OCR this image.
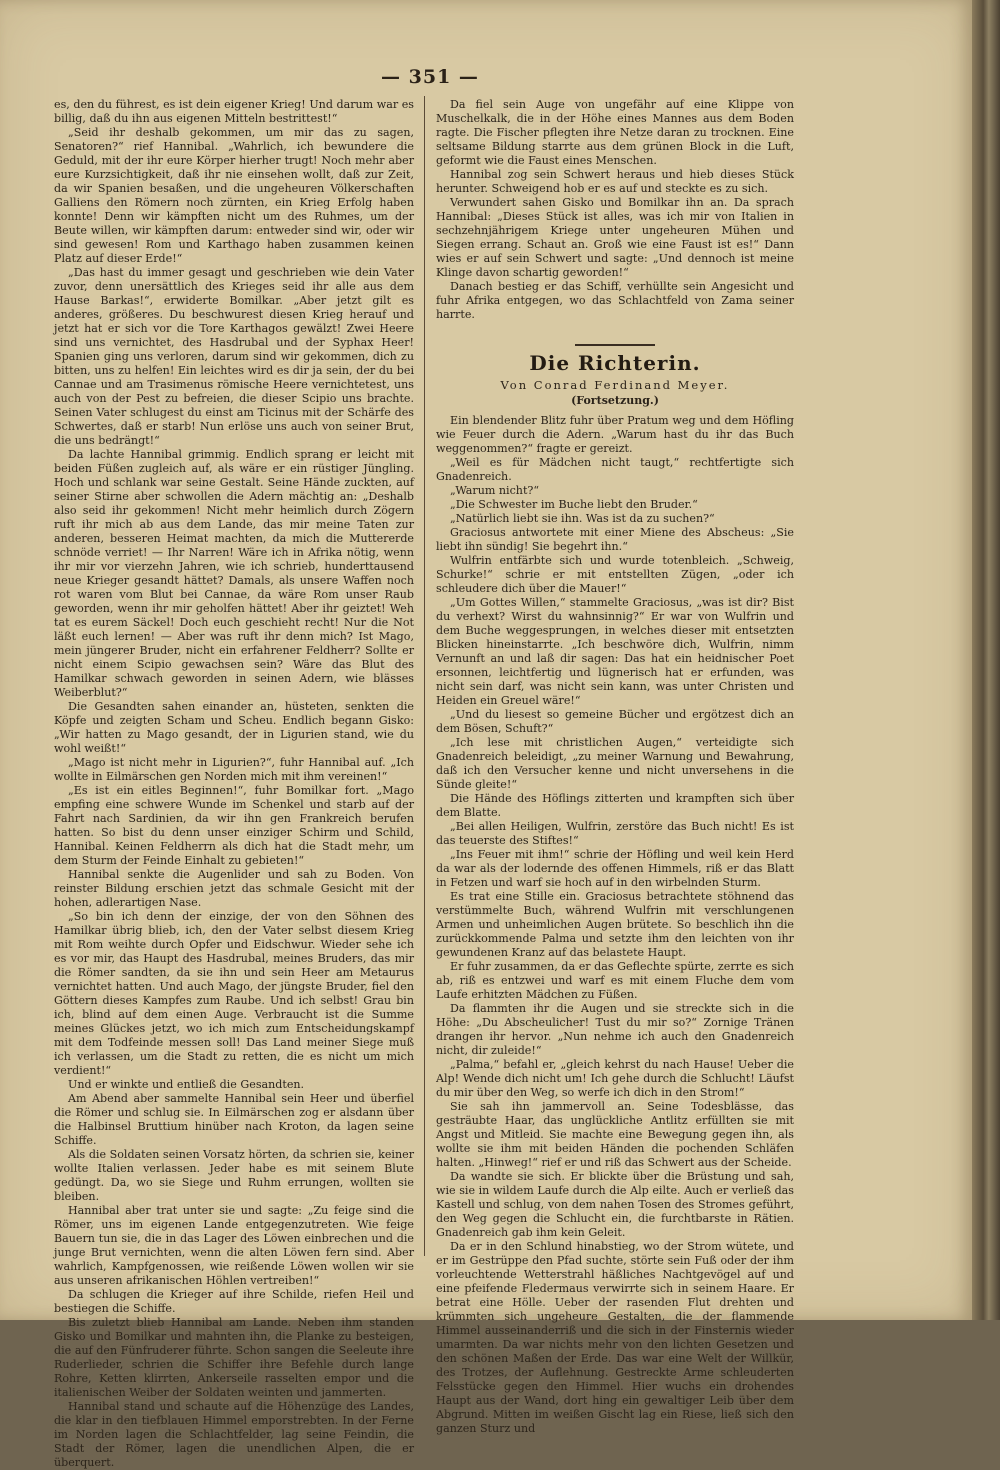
— 351 —

es, den du führest, es ist dein eigener Krieg! Und darum war es billig, daß du ihn aus eigenen Mitteln bestrittest!“

„Seid ihr deshalb gekommen, um mir das zu sagen, Senatoren?“ rief Hannibal. „Wahrlich, ich bewundere die Geduld, mit der ihr eure Körper hierher trugt! Noch mehr aber eure Kurzsichtigkeit, daß ihr nie einsehen wollt, daß zur Zeit, da wir Spanien besaßen, und die ungeheuren Völkerschaften Galliens den Römern noch zürnten, ein Krieg Erfolg haben konnte! Denn wir kämpften nicht um des Ruhmes, um der Beute willen, wir kämpften darum: entweder sind wir, oder wir sind gewesen! Rom und Karthago haben zusammen keinen Platz auf dieser Erde!“

„Das hast du immer gesagt und geschrieben wie dein Vater zuvor, denn unersättlich des Krieges seid ihr alle aus dem Hause Barkas!“, erwiderte Bomilkar. „Aber jetzt gilt es anderes, größeres. Du beschwurest diesen Krieg herauf und jetzt hat er sich vor die Tore Karthagos gewälzt! Zwei Heere sind uns vernichtet, des Hasdrubal und der Syphax Heer! Spanien ging uns verloren, darum sind wir gekommen, dich zu bitten, uns zu helfen! Ein leichtes wird es dir ja sein, der du bei Cannae und am Trasimenus römische Heere vernichtetest, uns auch von der Pest zu befreien, die dieser Scipio uns brachte. Seinen Vater schlugest du einst am Ticinus mit der Schärfe des Schwertes, daß er starb! Nun erlöse uns auch von seiner Brut, die uns bedrängt!“

Da lachte Hannibal grimmig. Endlich sprang er leicht mit beiden Füßen zugleich auf, als wäre er ein rüstiger Jüngling. Hoch und schlank war seine Gestalt. Seine Hände zuckten, auf seiner Stirne aber schwollen die Adern mächtig an: „Deshalb also seid ihr gekommen! Nicht mehr heimlich durch Zögern ruft ihr mich ab aus dem Lande, das mir meine Taten zur anderen, besseren Heimat machten, da mich die Muttererde schnöde verriet! — Ihr Narren! Wäre ich in Afrika nötig, wenn ihr mir vor vierzehn Jahren, wie ich schrieb, hunderttausend neue Krieger gesandt hättet? Damals, als unsere Waffen noch rot waren vom Blut bei Cannae, da wäre Rom unser Raub geworden, wenn ihr mir geholfen hättet! Aber ihr geiztet! Weh tat es eurem Säckel! Doch euch geschieht recht! Nur die Not läßt euch lernen! — Aber was ruft ihr denn mich? Ist Mago, mein jüngerer Bruder, nicht ein erfahrener Feldherr? Sollte er nicht einem Scipio gewachsen sein? Wäre das Blut des Hamilkar schwach geworden in seinen Adern, wie blässes Weiberblut?“

Die Gesandten sahen einander an, hüsteten, senkten die Köpfe und zeigten Scham und Scheu. Endlich begann Gisko: „Wir hatten zu Mago gesandt, der in Ligurien stand, wie du wohl weißt!“

„Mago ist nicht mehr in Ligurien?“, fuhr Hannibal auf. „Ich wollte in Eilmärschen gen Norden mich mit ihm vereinen!“

„Es ist ein eitles Beginnen!“, fuhr Bomilkar fort. „Mago empfing eine schwere Wunde im Schenkel und starb auf der Fahrt nach Sardinien, da wir ihn gen Frankreich berufen hatten. So bist du denn unser einziger Schirm und Schild, Hannibal. Keinen Feldherrn als dich hat die Stadt mehr, um dem Sturm der Feinde Einhalt zu gebieten!“

Hannibal senkte die Augenlider und sah zu Boden. Von reinster Bildung erschien jetzt das schmale Gesicht mit der hohen, adlerartigen Nase.

„So bin ich denn der einzige, der von den Söhnen des Hamilkar übrig blieb, ich, den der Vater selbst diesem Krieg mit Rom weihte durch Opfer und Eidschwur. Wieder sehe ich es vor mir, das Haupt des Hasdrubal, meines Bruders, das mir die Römer sandten, da sie ihn und sein Heer am Metaurus vernichtet hatten. Und auch Mago, der jüngste Bruder, fiel den Göttern dieses Kampfes zum Raube. Und ich selbst! Grau bin ich, blind auf dem einen Auge. Verbraucht ist die Summe meines Glückes jetzt, wo ich mich zum Entscheidungskampf mit dem Todfeinde messen soll! Das Land meiner Siege muß ich verlassen, um die Stadt zu retten, die es nicht um mich verdient!“

Und er winkte und entließ die Gesandten.

Am Abend aber sammelte Hannibal sein Heer und überfiel die Römer und schlug sie. In Eilmärschen zog er alsdann über die Halbinsel Bruttium hinüber nach Kroton, da lagen seine Schiffe.

Als die Soldaten seinen Vorsatz hörten, da schrien sie, keiner wollte Italien verlassen. Jeder habe es mit seinem Blute gedüngt. Da, wo sie Siege und Ruhm errungen, wollten sie bleiben.

Hannibal aber trat unter sie und sagte: „Zu feige sind die Römer, uns im eigenen Lande entgegenzutreten. Wie feige Bauern tun sie, die in das Lager des Löwen einbrechen und die junge Brut vernichten, wenn die alten Löwen fern sind. Aber wahrlich, Kampfgenossen, wie reißende Löwen wollen wir sie aus unseren afrikanischen Höhlen vertreiben!“

Da schlugen die Krieger auf ihre Schilde, riefen Heil und bestiegen die Schiffe.

Bis zuletzt blieb Hannibal am Lande. Neben ihm standen Gisko und Bomilkar und mahnten ihn, die Planke zu besteigen, die auf den Fünfruderer führte. Schon sangen die Seeleute ihre Ruderlieder, schrien die Schiffer ihre Befehle durch lange Rohre, Ketten klirrten, Ankerseile rasselten empor und die italienischen Weiber der Soldaten weinten und jammerten.

Hannibal stand und schaute auf die Höhenzüge des Landes, die klar in den tiefblauen Himmel emporstrebten. In der Ferne im Norden lagen die Schlachtfelder, lag seine Feindin, die Stadt der Römer, lagen die unendlichen Alpen, die er überquert.

Da fiel sein Auge von ungefähr auf eine Klippe von Muschelkalk, die in der Höhe eines Mannes aus dem Boden ragte. Die Fischer pflegten ihre Netze daran zu trocknen. Eine seltsame Bildung starrte aus dem grünen Block in die Luft, geformt wie die Faust eines Menschen.

Hannibal zog sein Schwert heraus und hieb dieses Stück herunter. Schweigend hob er es auf und steckte es zu sich.

Verwundert sahen Gisko und Bomilkar ihn an. Da sprach Hannibal: „Dieses Stück ist alles, was ich mir von Italien in sechzehnjährigem Kriege unter ungeheuren Mühen und Siegen errang. Schaut an. Groß wie eine Faust ist es!“ Dann wies er auf sein Schwert und sagte: „Und dennoch ist meine Klinge davon schartig geworden!“

Danach bestieg er das Schiff, verhüllte sein Angesicht und fuhr Afrika entgegen, wo das Schlachtfeld von Zama seiner harrte.

Die Richterin.
Von Conrad Ferdinand Meyer.
(Fortsetzung.)

Ein blendender Blitz fuhr über Pratum weg und dem Höfling wie Feuer durch die Adern. „Warum hast du ihr das Buch weggenommen?“ fragte er gereizt.

„Weil es für Mädchen nicht taugt,“ rechtfertigte sich Gnadenreich.

„Warum nicht?“

„Die Schwester im Buche liebt den Bruder.“

„Natürlich liebt sie ihn. Was ist da zu suchen?“

Graciosus antwortete mit einer Miene des Abscheus: „Sie liebt ihn sündig! Sie begehrt ihn.“

Wulfrin entfärbte sich und wurde totenbleich. „Schweig, Schurke!“ schrie er mit entstellten Zügen, „oder ich schleudere dich über die Mauer!“

„Um Gottes Willen,“ stammelte Graciosus, „was ist dir? Bist du verhext? Wirst du wahnsinnig?“ Er war von Wulfrin und dem Buche weggesprungen, in welches dieser mit entsetzten Blicken hineinstarrte. „Ich beschwöre dich, Wulfrin, nimm Vernunft an und laß dir sagen: Das hat ein heidnischer Poet ersonnen, leichtfertig und lügnerisch hat er erfunden, was nicht sein darf, was nicht sein kann, was unter Christen und Heiden ein Greuel wäre!“

„Und du liesest so gemeine Bücher und ergötzest dich an dem Bösen, Schuft?“

„Ich lese mit christlichen Augen,“ verteidigte sich Gnadenreich beleidigt, „zu meiner Warnung und Bewahrung, daß ich den Versucher kenne und nicht unversehens in die Sünde gleite!“

Die Hände des Höflings zitterten und krampften sich über dem Blatte.

„Bei allen Heiligen, Wulfrin, zerstöre das Buch nicht! Es ist das teuerste des Stiftes!“

„Ins Feuer mit ihm!“ schrie der Höfling und weil kein Herd da war als der lodernde des offenen Himmels, riß er das Blatt in Fetzen und warf sie hoch auf in den wirbelnden Sturm.

Es trat eine Stille ein. Graciosus betrachtete stöhnend das verstümmelte Buch, während Wulfrin mit verschlungenen Armen und unheimlichen Augen brütete. So beschlich ihn die zurückkommende Palma und setzte ihm den leichten von ihr gewundenen Kranz auf das belastete Haupt.

Er fuhr zusammen, da er das Geflechte spürte, zerrte es sich ab, riß es entzwei und warf es mit einem Fluche dem vom Laufe erhitzten Mädchen zu Füßen.

Da flammten ihr die Augen und sie streckte sich in die Höhe: „Du Abscheulicher! Tust du mir so?“ Zornige Tränen drangen ihr hervor. „Nun nehme ich auch den Gnadenreich nicht, dir zuleide!“

„Palma,“ befahl er, „gleich kehrst du nach Hause! Ueber die Alp! Wende dich nicht um! Ich gehe durch die Schlucht! Läufst du mir über den Weg, so werfe ich dich in den Strom!“

Sie sah ihn jammervoll an. Seine Todesblässe, das gesträubte Haar, das unglückliche Antlitz erfüllten sie mit Angst und Mitleid. Sie machte eine Bewegung gegen ihn, als wollte sie ihm mit beiden Händen die pochenden Schläfen halten. „Hinweg!“ rief er und riß das Schwert aus der Scheide.

Da wandte sie sich. Er blickte über die Brüstung und sah, wie sie in wildem Laufe durch die Alp eilte. Auch er verließ das Kastell und schlug, von dem nahen Tosen des Stromes geführt, den Weg gegen die Schlucht ein, die furchtbarste in Rätien. Gnadenreich gab ihm kein Geleit.

Da er in den Schlund hinabstieg, wo der Strom wütete, und er im Gestrüppe den Pfad suchte, störte sein Fuß oder der ihm vorleuchtende Wetterstrahl häßliches Nachtgevögel auf und eine pfeifende Fledermaus verwirrte sich in seinem Haare. Er betrat eine Hölle. Ueber der rasenden Flut drehten und krümmten sich ungeheure Gestalten, die der flammende Himmel ausseinanderriß und die sich in der Finsternis wieder umarmten. Da war nichts mehr von den lichten Gesetzen und den schönen Maßen der Erde. Das war eine Welt der Willkür, des Trotzes, der Auflehnung. Gestreckte Arme schleuderten Felsstücke gegen den Himmel. Hier wuchs ein drohendes Haupt aus der Wand, dort hing ein gewaltiger Leib über dem Abgrund. Mitten im weißen Gischt lag ein Riese, ließ sich den ganzen Sturz und
